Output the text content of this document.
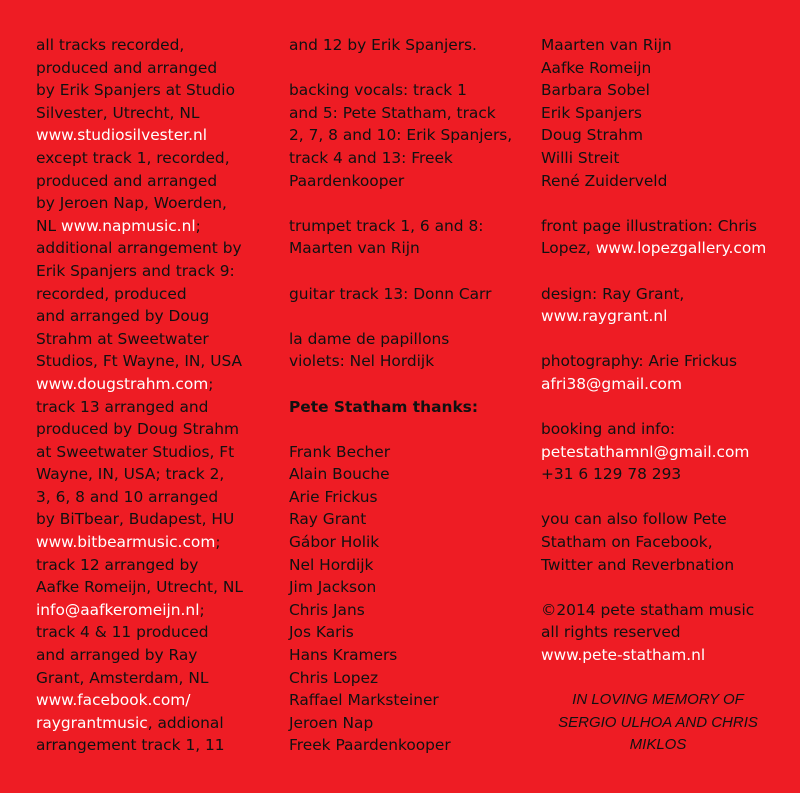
all tracks recorded,
produced and arranged
by Erik Spanjers at Studio
Silvester, Utrecht, NL
www.studiosilvester.nl
except track 1, recorded,
produced and arranged
by Jeroen Nap, Woerden,
NL www.napmusic.nl;
additional arrangement by
Erik Spanjers and track 9:
recorded, produced
and arranged by Doug
Strahm at Sweetwater
Studios, Ft Wayne, IN, USA
www.dougstrahm.com;
track 13 arranged and
produced by Doug Strahm
at Sweetwater Studios, Ft
Wayne, IN, USA; track 2,
3, 6, 8 and 10 arranged
by BiTbear, Budapest, HU
www.bitbearmusic.com;
track 12 arranged by
Aafke Romeijn, Utrecht, NL
info@aafkeromeijn.nl;
track 4 & 11 produced
and arranged by Ray
Grant, Amsterdam, NL
www.facebook.com/
raygrantmusic, addional
arrangement track 1, 11
and 12 by Erik Spanjers.
backing vocals: track 1
and 5: Pete Statham, track
2, 7, 8 and 10: Erik Spanjers,
track 4 and 13: Freek
Paardenkooper
trumpet track 1, 6 and 8:
Maarten van Rijn
guitar track 13: Donn Carr
la dame de papillons
violets: Nel Hordijk
Pete Statham thanks:
Frank Becher
Alain Bouche
Arie Frickus
Ray Grant
Gábor Holik
Nel Hordijk
Jim Jackson
Chris Jans
Jos Karis
Hans Kramers
Chris Lopez
Raffael Marksteiner
Jeroen Nap
Freek Paardenkooper
Maarten van Rijn
Aafke Romeijn
Barbara Sobel
Erik Spanjers
Doug Strahm
Willi Streit
René Zuiderveld
front page illustration: Chris
Lopez, www.lopezgallery.com
design: Ray Grant,
www.raygrant.nl
photography: Arie Frickus
afri38@gmail.com
booking and info:
petestathamnl@gmail.com
+31 6 129 78 293
you can also follow Pete
Statham on Facebook,
Twitter and Reverbnation
©2014 pete statham music
all rights reserved
www.pete-statham.nl
IN LOVING MEMORY OF SERGIO ULHOA AND CHRIS MIKLOS
